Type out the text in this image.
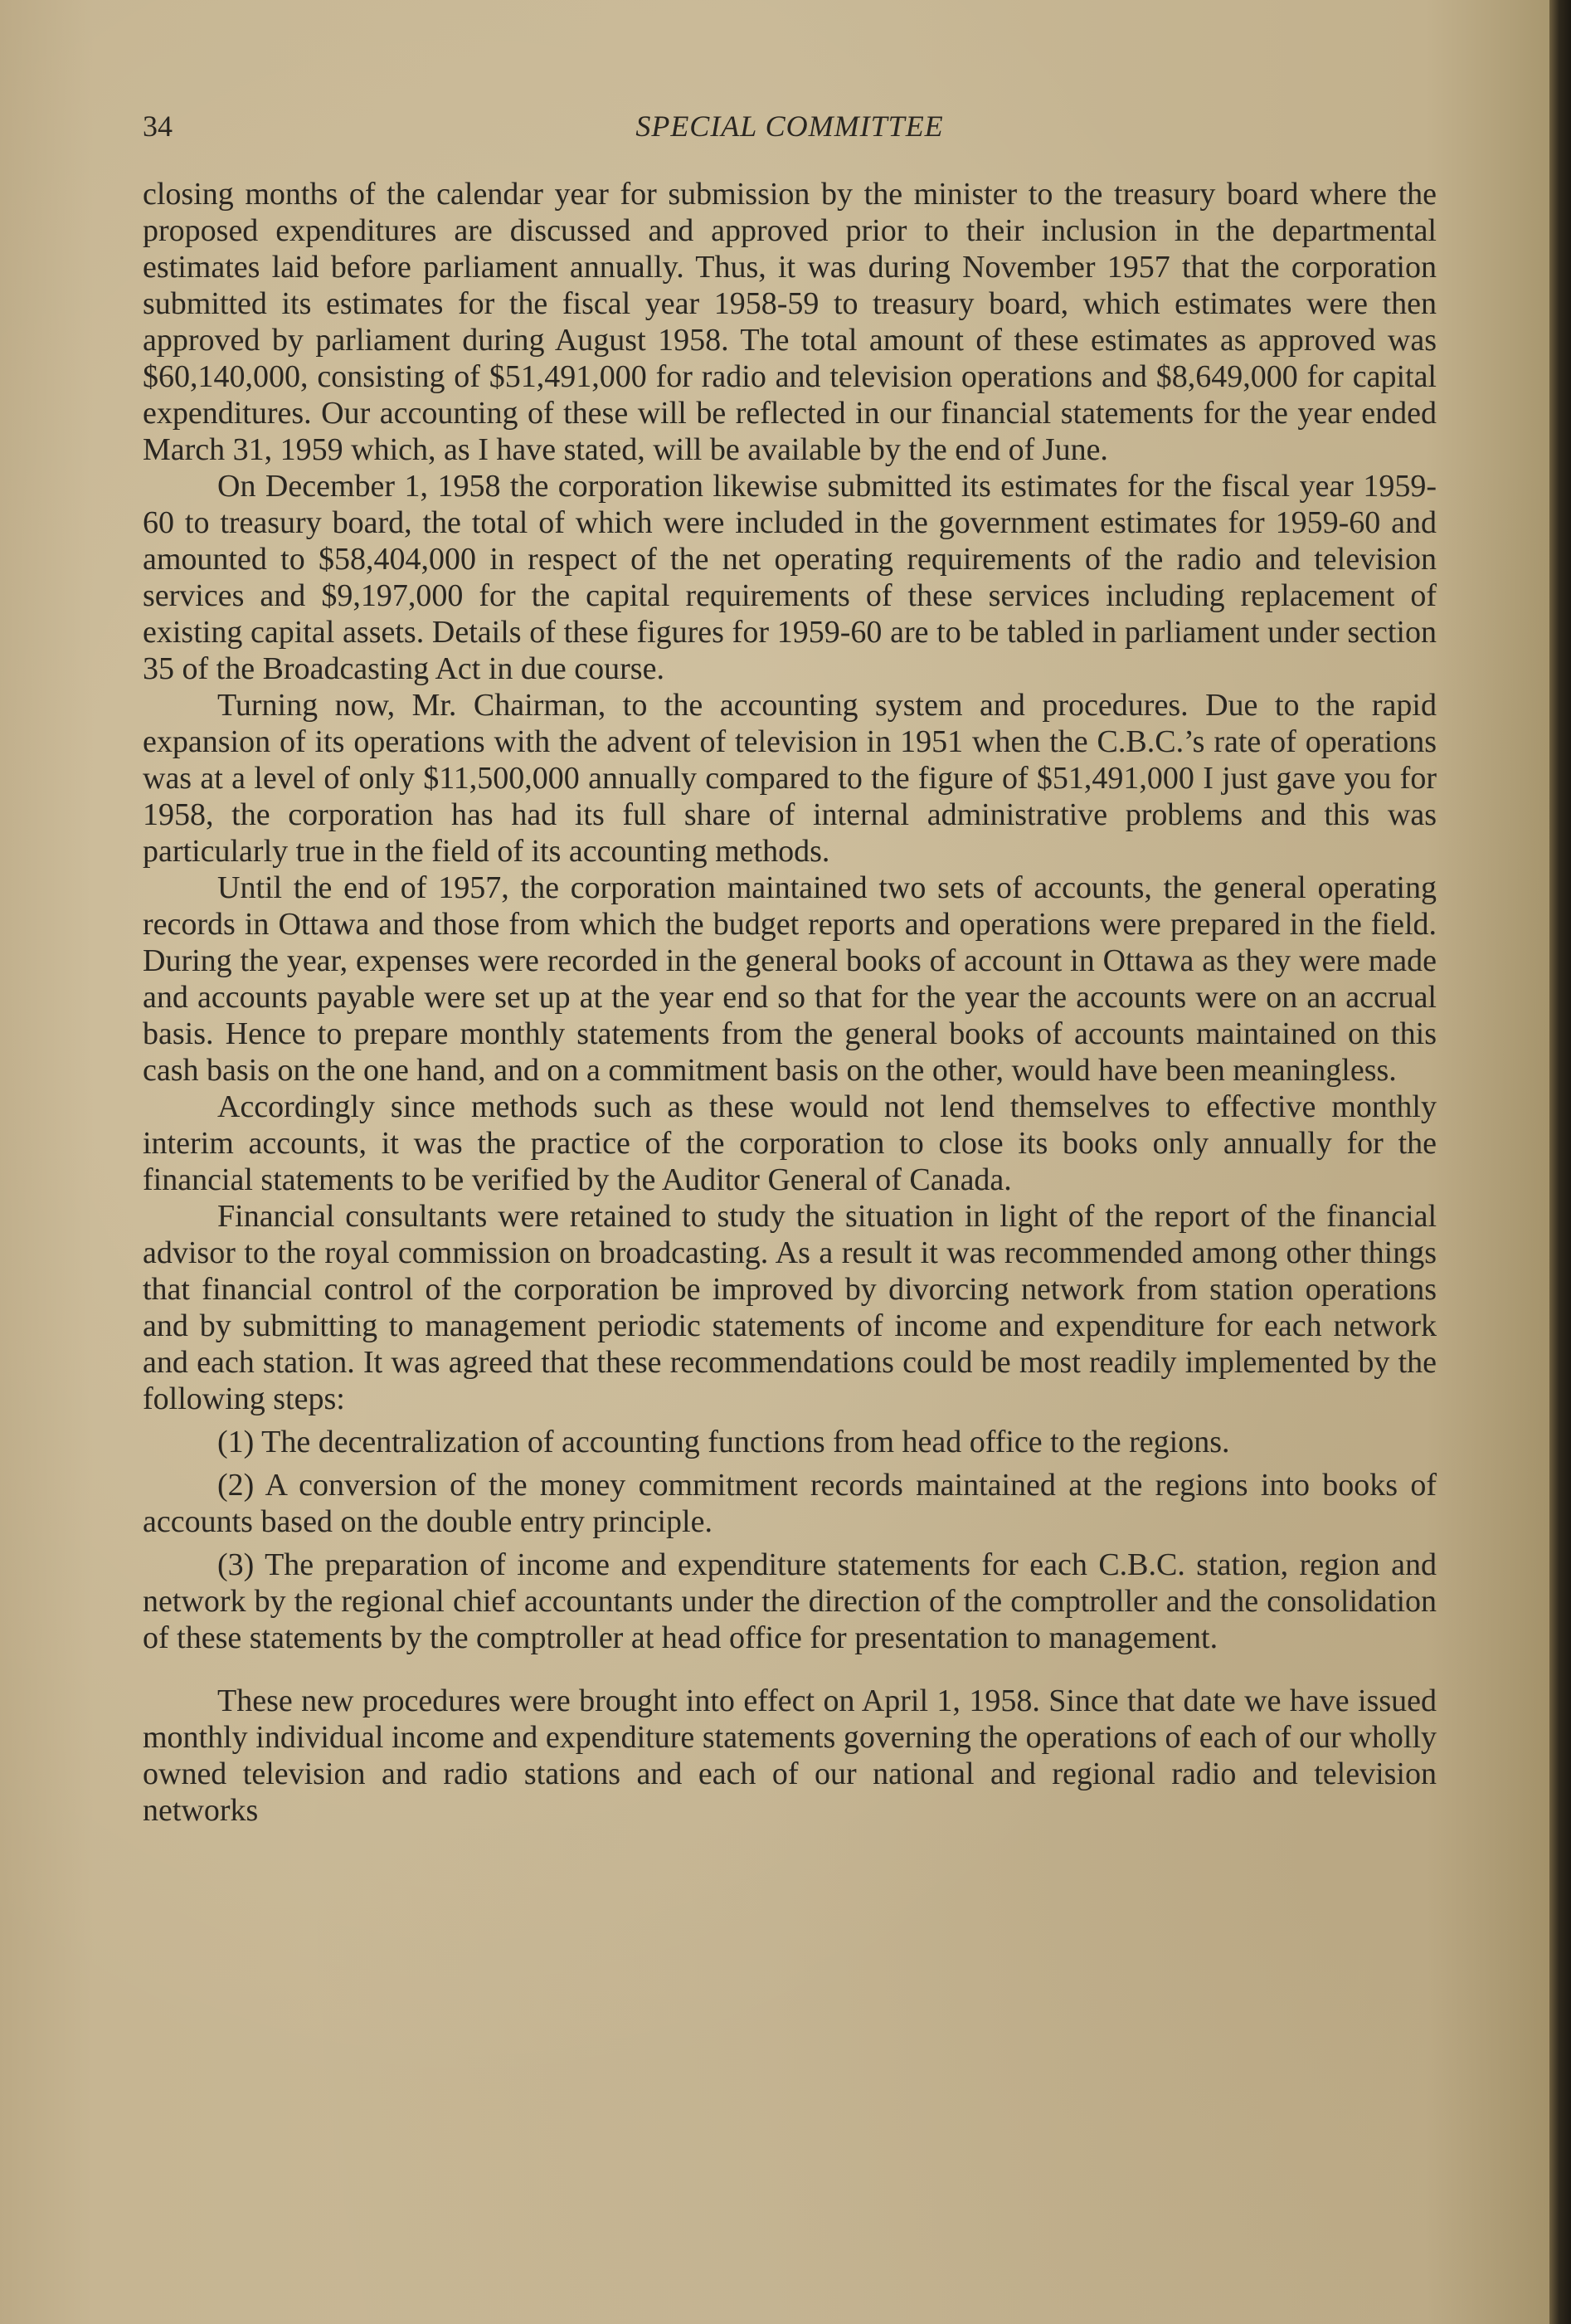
34	SPECIAL COMMITTEE

closing months of the calendar year for submission by the minister to the treasury board where the proposed expenditures are discussed and approved prior to their inclusion in the departmental estimates laid before parliament annually. Thus, it was during November 1957 that the corporation submitted its estimates for the fiscal year 1958-59 to treasury board, which estimates were then approved by parliament during August 1958. The total amount of these estimates as approved was $60,140,000, consisting of $51,491,000 for radio and television operations and $8,649,000 for capital expenditures. Our accounting of these will be reflected in our financial statements for the year ended March 31, 1959 which, as I have stated, will be available by the end of June.

On December 1, 1958 the corporation likewise submitted its estimates for the fiscal year 1959-60 to treasury board, the total of which were included in the government estimates for 1959-60 and amounted to $58,404,000 in respect of the net operating requirements of the radio and television services and $9,197,000 for the capital requirements of these services including replacement of existing capital assets. Details of these figures for 1959-60 are to be tabled in parliament under section 35 of the Broadcasting Act in due course.

Turning now, Mr. Chairman, to the accounting system and procedures. Due to the rapid expansion of its operations with the advent of television in 1951 when the C.B.C.’s rate of operations was at a level of only $11,500,000 annually compared to the figure of $51,491,000 I just gave you for 1958, the corporation has had its full share of internal administrative problems and this was particularly true in the field of its accounting methods.

Until the end of 1957, the corporation maintained two sets of accounts, the general operating records in Ottawa and those from which the budget reports and operations were prepared in the field. During the year, expenses were recorded in the general books of account in Ottawa as they were made and accounts payable were set up at the year end so that for the year the accounts were on an accrual basis. Hence to prepare monthly statements from the general books of accounts maintained on this cash basis on the one hand, and on a commitment basis on the other, would have been meaningless.

Accordingly since methods such as these would not lend themselves to effective monthly interim accounts, it was the practice of the corporation to close its books only annually for the financial statements to be verified by the Auditor General of Canada.

Financial consultants were retained to study the situation in light of the report of the financial advisor to the royal commission on broadcasting. As a result it was recommended among other things that financial control of the corporation be improved by divorcing network from station operations and by submitting to management periodic statements of income and expenditure for each network and each station. It was agreed that these recommendations could be most readily implemented by the following steps:

(1) The decentralization of accounting functions from head office to the regions.

(2) A conversion of the money commitment records maintained at the regions into books of accounts based on the double entry principle.

(3) The preparation of income and expenditure statements for each C.B.C. station, region and network by the regional chief accountants under the direction of the comptroller and the consolidation of these statements by the comptroller at head office for presentation to management.

These new procedures were brought into effect on April 1, 1958. Since that date we have issued monthly individual income and expenditure statements governing the operations of each of our wholly owned television and radio stations and each of our national and regional radio and television networks
